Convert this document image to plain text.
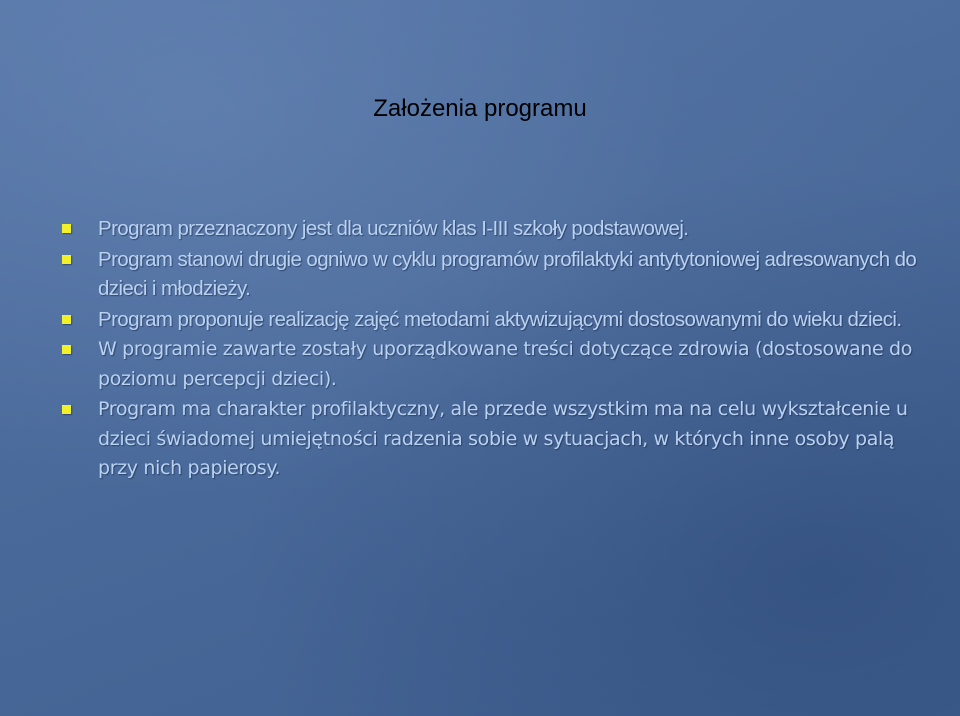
Założenia programu
Program przeznaczony jest dla uczniów klas I-III szkoły podstawowej.
Program stanowi drugie ogniwo w cyklu programów profilaktyki antytytoniowej adresowanych do dzieci i młodzieży.
Program proponuje realizację zajęć metodami aktywizującymi dostosowanymi do wieku dzieci.
W programie zawarte zostały uporządkowane treści dotyczące zdrowia (dostosowane do poziomu percepcji dzieci).
Program ma charakter profilaktyczny, ale przede wszystkim ma na celu wykształcenie u dzieci świadomej umiejętności radzenia sobie w sytuacjach, w których inne osoby palą przy nich papierosy.
